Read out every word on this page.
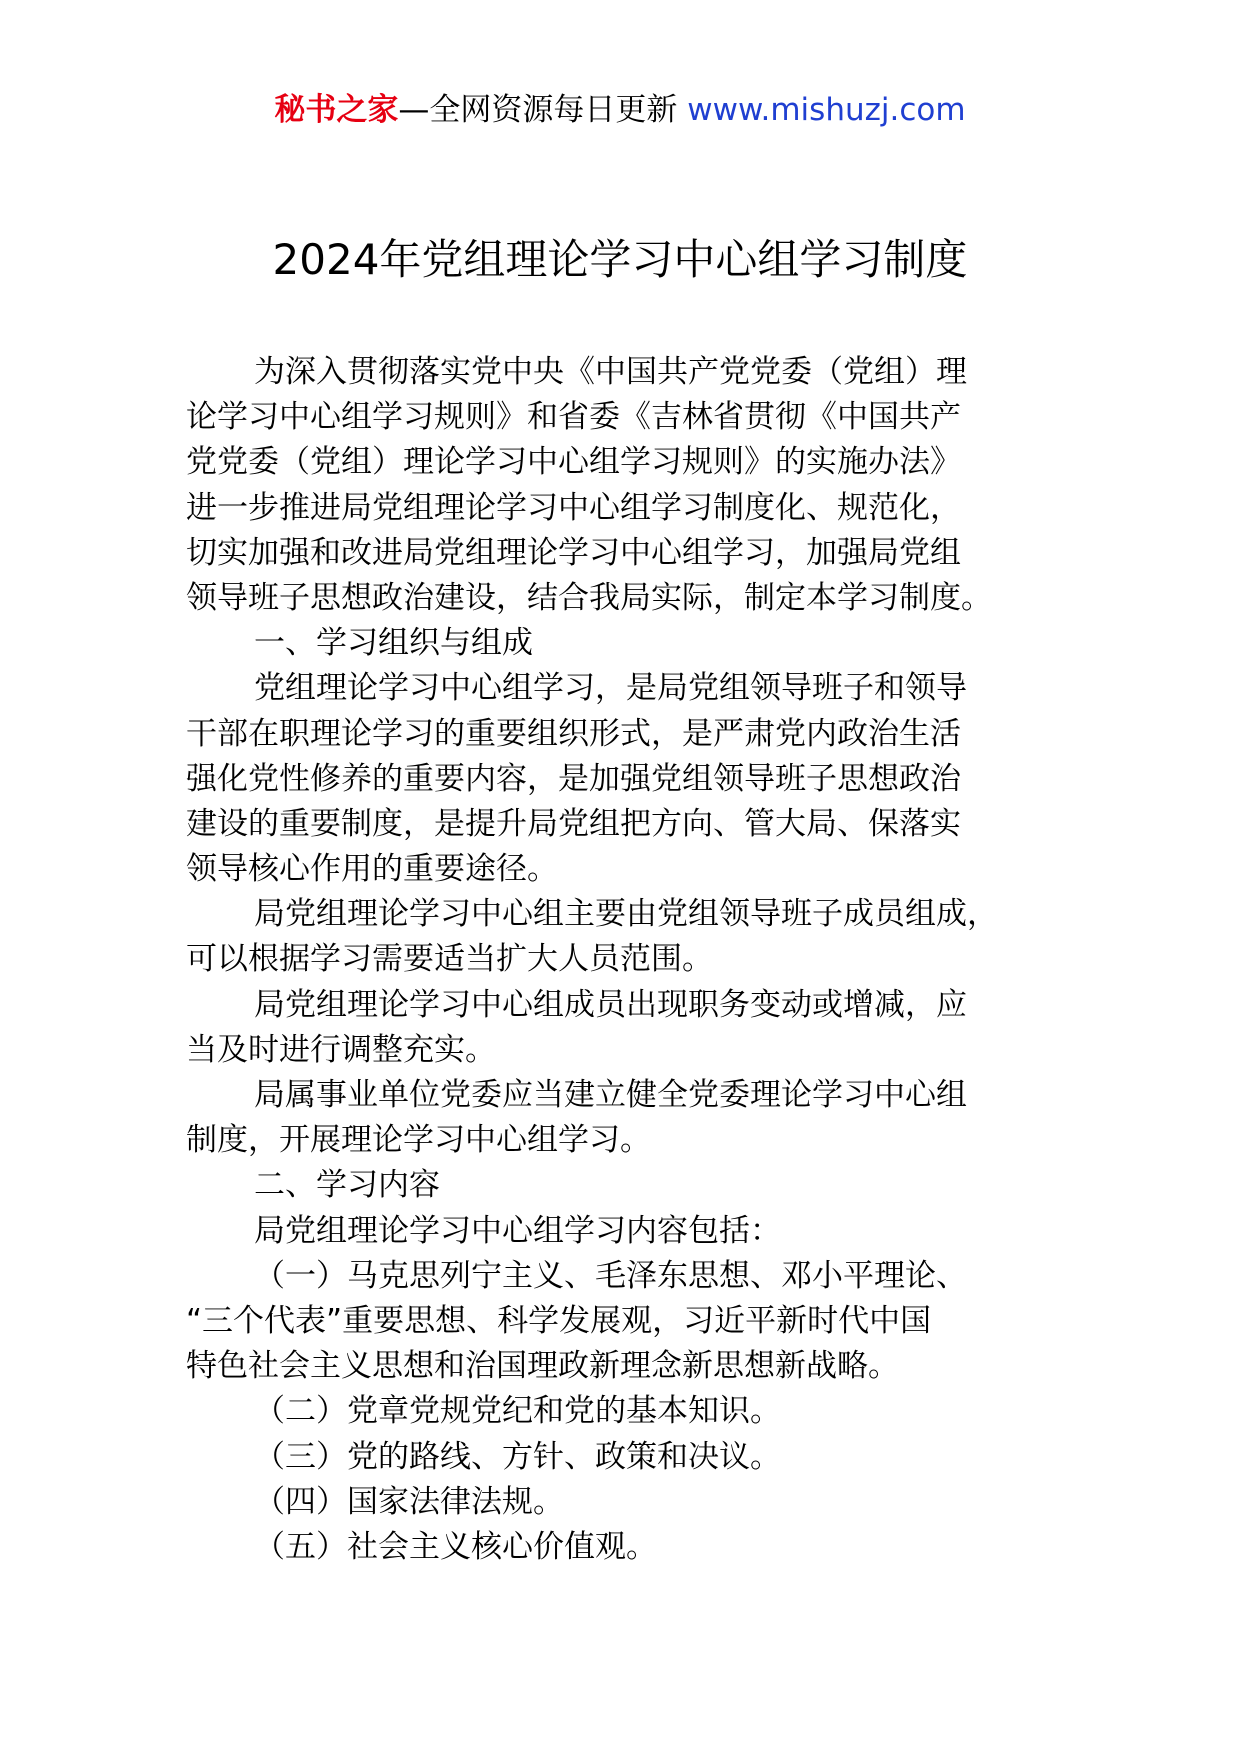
秘书之家—全网资源每日更新 www.mishuzj.com
2024年党组理论学习中心组学习制度
为深入贯彻落实党中央《中国共产党党委（党组）理
论学习中心组学习规则》和省委《吉林省贯彻《中国共产
党党委（党组）理论学习中心组学习规则》的实施办法》
进一步推进局党组理论学习中心组学习制度化、规范化，
切实加强和改进局党组理论学习中心组学习，加强局党组
领导班子思想政治建设，结合我局实际，制定本学习制度。
一、学习组织与组成
党组理论学习中心组学习，是局党组领导班子和领导
干部在职理论学习的重要组织形式，是严肃党内政治生活
强化党性修养的重要内容，是加强党组领导班子思想政治
建设的重要制度，是提升局党组把方向、管大局、保落实
领导核心作用的重要途径。
局党组理论学习中心组主要由党组领导班子成员组成，
可以根据学习需要适当扩大人员范围。
局党组理论学习中心组成员出现职务变动或增减，应
当及时进行调整充实。
局属事业单位党委应当建立健全党委理论学习中心组
制度，开展理论学习中心组学习。
二、学习内容
局党组理论学习中心组学习内容包括：
（一）马克思列宁主义、毛泽东思想、邓小平理论、
“三个代表”重要思想、科学发展观，习近平新时代中国
特色社会主义思想和治国理政新理念新思想新战略。
（二）党章党规党纪和党的基本知识。
（三）党的路线、方针、政策和决议。
（四）国家法律法规。
（五）社会主义核心价值观。
